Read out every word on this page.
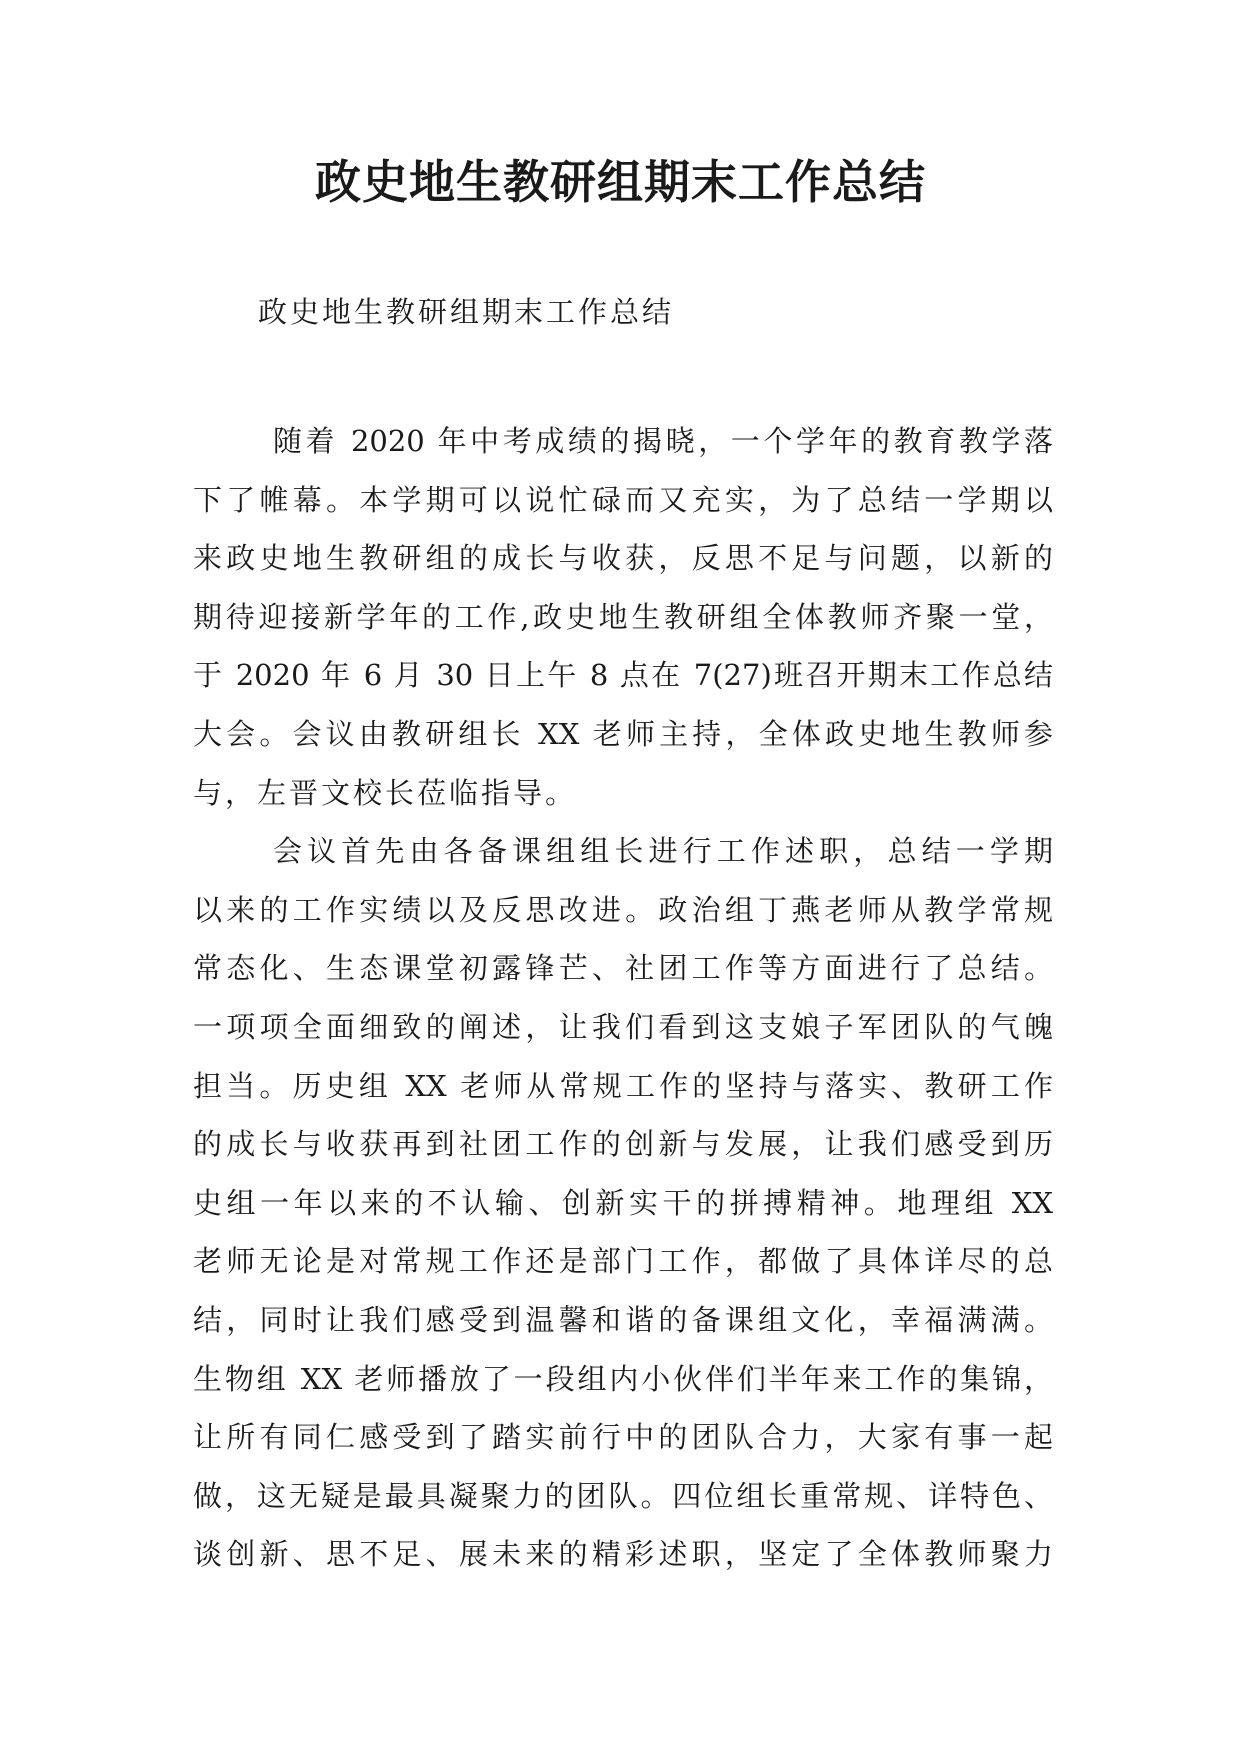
政史地生教研组期末工作总结

政史地生教研组期末工作总结

随着 2020 年中考成绩的揭晓，一个学年的教育教学落
下了帷幕。本学期可以说忙碌而又充实，为了总结一学期以
来政史地生教研组的成长与收获，反思不足与问题，以新的
期待迎接新学年的工作,政史地生教研组全体教师齐聚一堂，
于 2020 年 6 月 30 日上午 8 点在 7(27)班召开期末工作总结
大会。会议由教研组长 XX 老师主持，全体政史地生教师参
与，左晋文校长莅临指导。
会议首先由各备课组组长进行工作述职，总结一学期
以来的工作实绩以及反思改进。政治组丁燕老师从教学常规
常态化、生态课堂初露锋芒、社团工作等方面进行了总结。
一项项全面细致的阐述，让我们看到这支娘子军团队的气魄
担当。历史组 XX 老师从常规工作的坚持与落实、教研工作
的成长与收获再到社团工作的创新与发展，让我们感受到历
史组一年以来的不认输、创新实干的拼搏精神。地理组 XX
老师无论是对常规工作还是部门工作，都做了具体详尽的总
结，同时让我们感受到温馨和谐的备课组文化，幸福满满。
生物组 XX 老师播放了一段组内小伙伴们半年来工作的集锦，
让所有同仁感受到了踏实前行中的团队合力，大家有事一起
做，这无疑是最具凝聚力的团队。四位组长重常规、详特色、
谈创新、思不足、展未来的精彩述职，坚定了全体教师聚力
